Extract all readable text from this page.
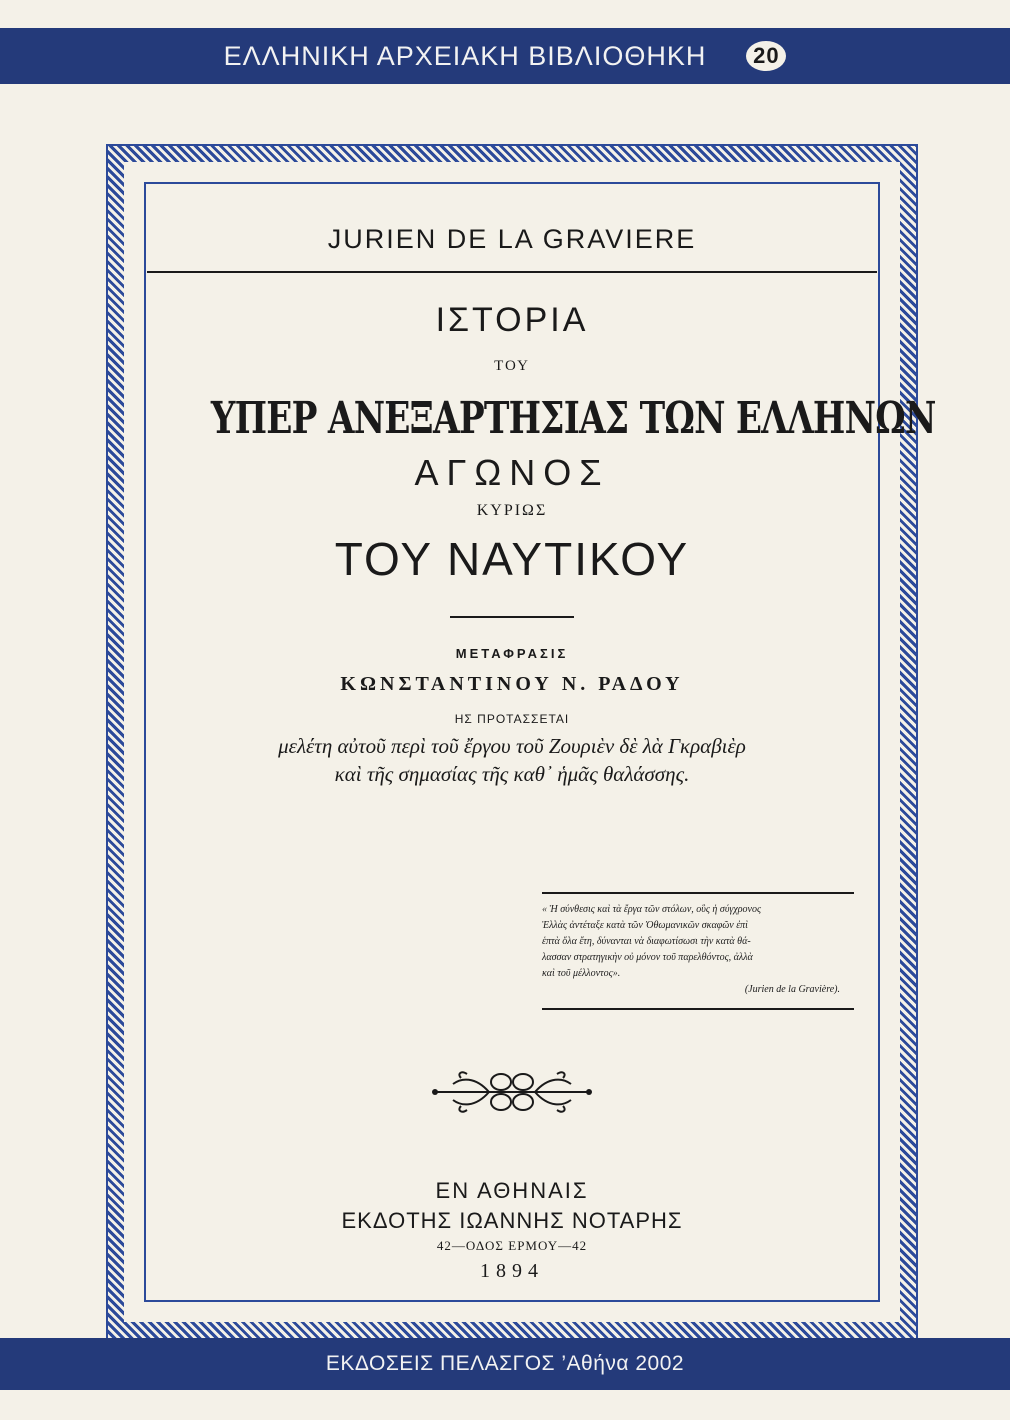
ΕΛΛΗΝΙΚΗ ΑΡΧΕΙΑΚΗ ΒΙΒΛΙΟΘΗΚΗ	20
JURIEN DE LA GRAVIERE
ΙΣΤΟΡΙΑ
ΤΟΥ
ΥΠΕΡ ΑΝΕΞΑΡΤΗΣΙΑΣ ΤΩΝ ΕΛΛΗΝΩΝ
ΑΓΩΝΟΣ
ΚΥΡΙΩΣ
ΤΟΥ ΝΑΥΤΙΚΟΥ
ΜΕΤΑΦΡΑΣΙΣ
ΚΩΝΣΤΑΝΤΙΝΟΥ Ν. ΡΑΔΟΥ
ΗΣ ΠΡΟΤΑΣΣΕΤΑΙ
μελέτη αὐτοῦ περὶ τοῦ ἔργου τοῦ Ζουριὲν δὲ λὰ Γκραβιὲρ
καὶ τῆς σημασίας τῆς καθ᾽ ἡμᾶς θαλάσσης.
« Ἡ σύνθεσις καὶ τὰ ἔργα τῶν στόλων, οὓς ἡ σύγχρονος
Ἑλλὰς ἀντέταξε κατὰ τῶν Ὀθωμανικῶν σκαφῶν ἐπὶ
ἑπτὰ ὅλα ἔτη, δύνανται νὰ διαφωτίσωσι τὴν κατὰ θά-
λασσαν στρατηγικὴν οὐ μόνον τοῦ παρελθόντος, ἀλλὰ
καὶ τοῦ μέλλοντος».
(Jurien de la Gravière).
ΕΝ ΑΘΗΝΑΙΣ
ΕΚΔΟΤΗΣ ΙΩΑΝΝΗΣ ΝΟΤΑΡΗΣ
42—ΟΔΟΣ ΕΡΜΟΥ—42
1894
ΕΚΔΟΣΕΙΣ ΠΕΛΑΣΓΟΣ ’Αθήνα 2002
